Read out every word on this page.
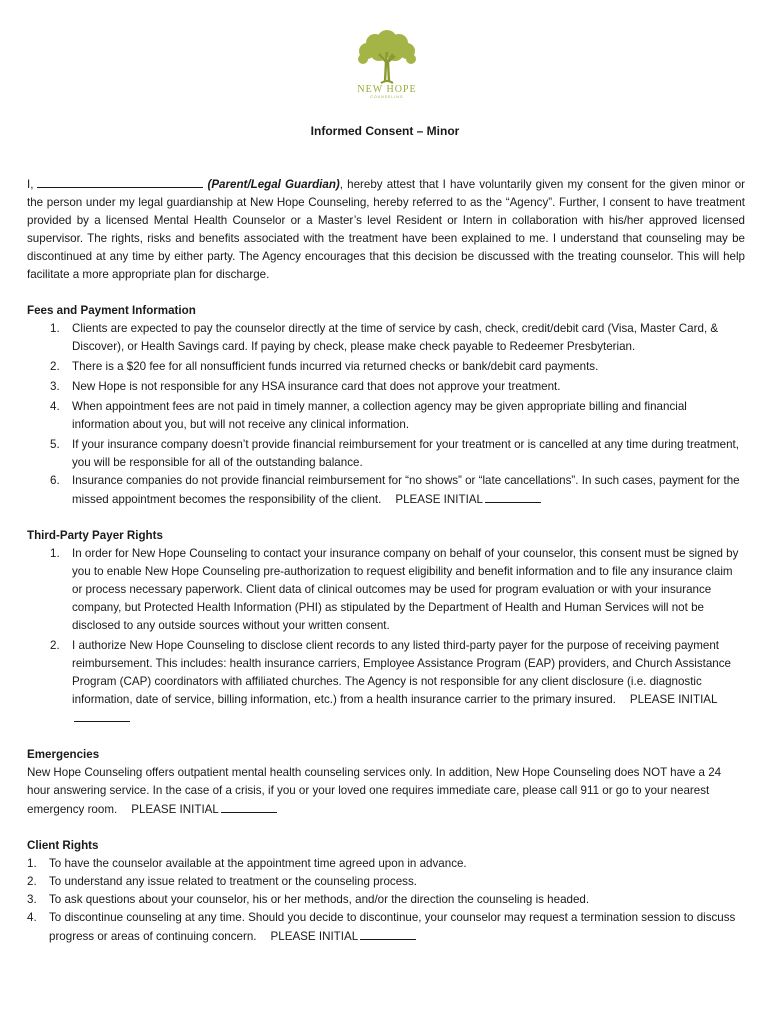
NEW HOPE
COUNSELING
Informed Consent – Minor

I,	(Parent/Legal Guardian), hereby attest that I have voluntarily given my consent for the given minor or the person under my legal guardianship at New Hope Counseling, hereby referred to as the “Agency”. Further, I consent to have treatment provided by a licensed Mental Health Counselor or a Master’s level Resident or Intern in collaboration with his/her approved licensed supervisor. The rights, risks and benefits associated with the treatment have been explained to me. I understand that counseling may be discontinued at any time by either party. The Agency encourages that this decision be discussed with the treating counselor. This will help facilitate a more appropriate plan for discharge.

Fees and Payment Information
1. Clients are expected to pay the counselor directly at the time of service by cash, check, credit/debit card (Visa, Master Card, & Discover), or Health Savings card. If paying by check, please make check payable to Redeemer Presbyterian.
2. There is a $20 fee for all nonsufficient funds incurred via returned checks or bank/debit card payments.
3. New Hope is not responsible for any HSA insurance card that does not approve your treatment.
4. When appointment fees are not paid in timely manner, a collection agency may be given appropriate billing and financial information about you, but will not receive any clinical information.
5. If your insurance company doesn’t provide financial reimbursement for your treatment or is cancelled at any time during treatment, you will be responsible for all of the outstanding balance.
6. Insurance companies do not provide financial reimbursement for “no shows” or “late cancellations”. In such cases, payment for the missed appointment becomes the responsibility of the client. PLEASE INITIAL
Third-Party Payer Rights
1. In order for New Hope Counseling to contact your insurance company on behalf of your counselor, this consent must be signed by you to enable New Hope Counseling pre-authorization to request eligibility and benefit information and to file any insurance claim or process necessary paperwork. Client data of clinical outcomes may be used for program evaluation or with your insurance company, but Protected Health Information (PHI) as stipulated by the Department of Health and Human Services will not be disclosed to any outside sources without your written consent.
2. I authorize New Hope Counseling to disclose client records to any listed third-party payer for the purpose of receiving payment reimbursement. This includes: health insurance carriers, Employee Assistance Program (EAP) providers, and Church Assistance Program (CAP) coordinators with affiliated churches. The Agency is not responsible for any client disclosure (i.e. diagnostic information, date of service, billing information, etc.) from a health insurance carrier to the primary insured. PLEASE INITIAL
Emergencies

New Hope Counseling offers outpatient mental health counseling services only. In addition, New Hope Counseling does NOT have a 24 hour answering service. In the case of a crisis, if you or your loved one requires immediate care, please call 911 or go to your nearest emergency room. PLEASE INITIAL

Client Rights
1. To have the counselor available at the appointment time agreed upon in advance.
2. To understand any issue related to treatment or the counseling process.
3. To ask questions about your counselor, his or her methods, and/or the direction the counseling is headed.
4. To discontinue counseling at any time. Should you decide to discontinue, your counselor may request a termination session to discuss progress or areas of continuing concern. PLEASE INITIAL
